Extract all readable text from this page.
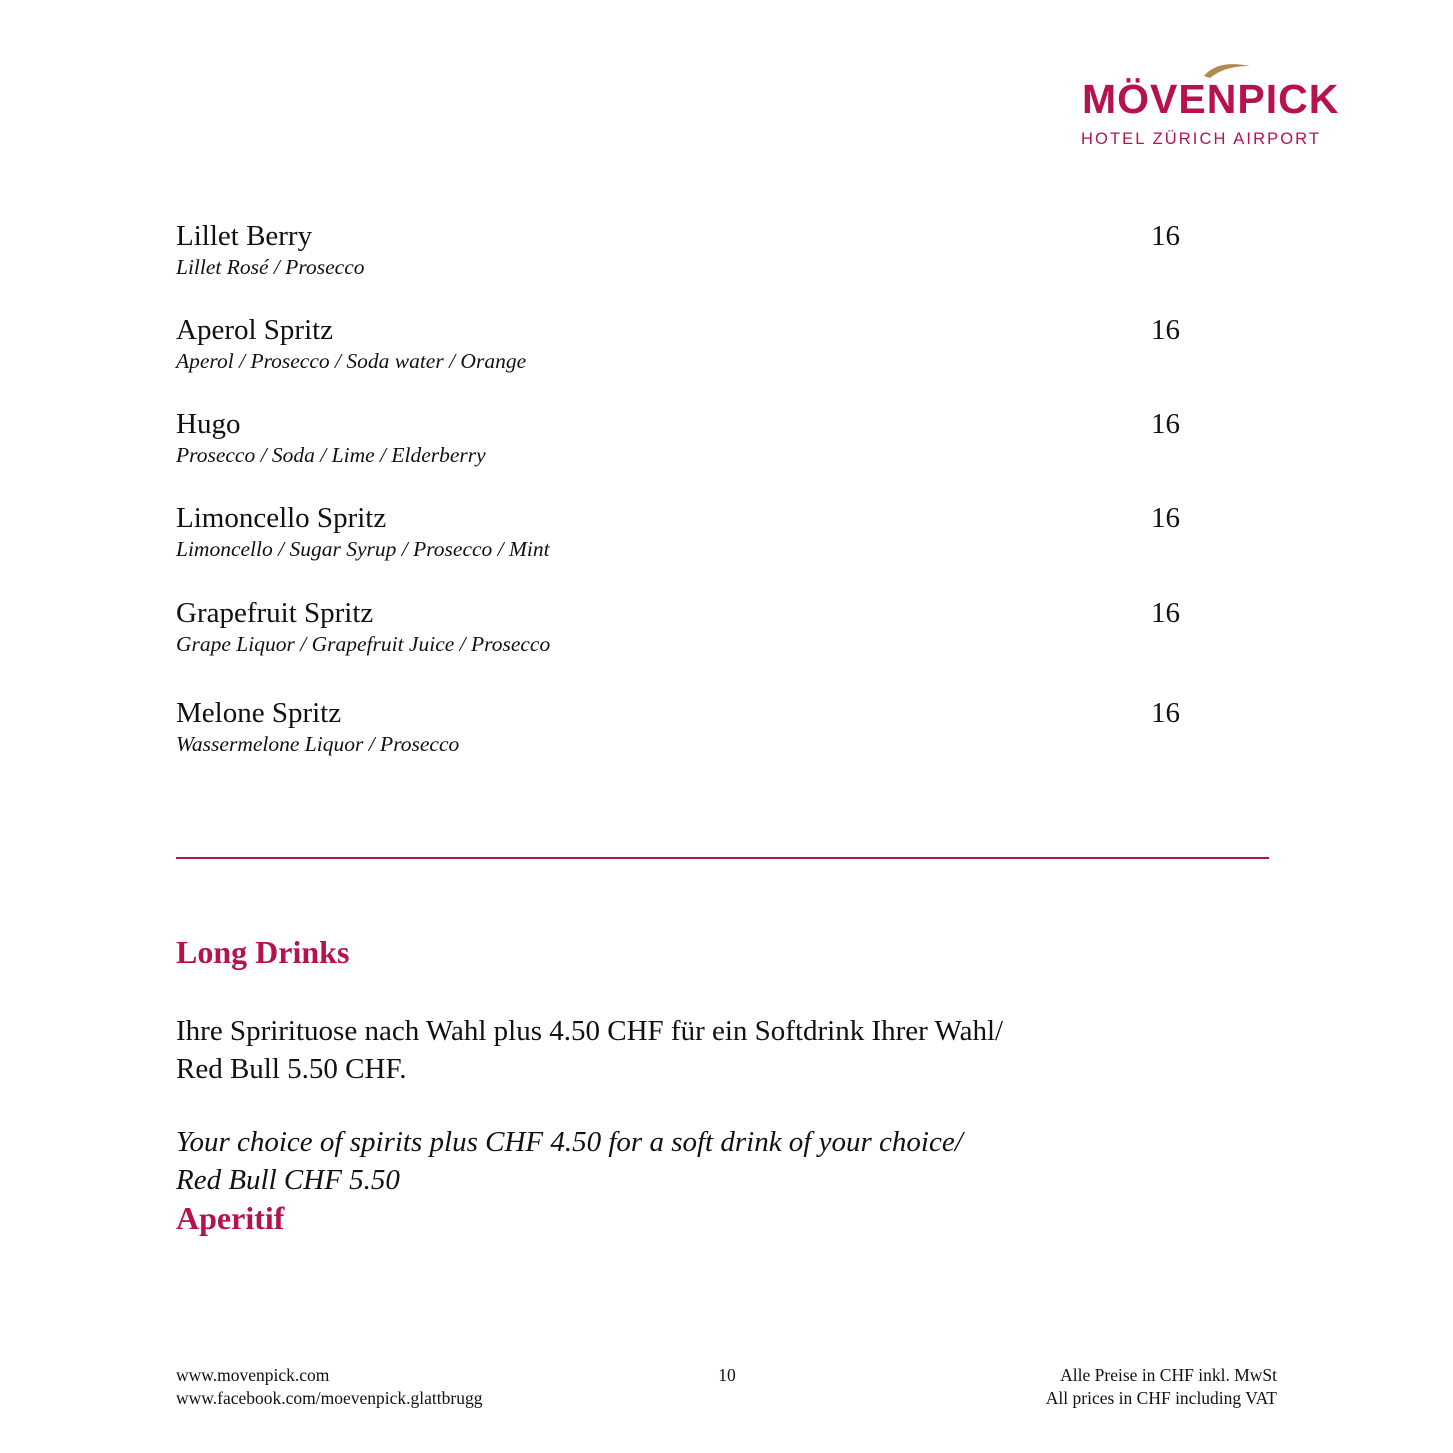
MÖVENPICK
HOTEL ZÜRICH AIRPORT
Lillet Berry
Lillet Rosé / Prosecco
16
Aperol Spritz
Aperol / Prosecco / Soda water / Orange
16
Hugo
Prosecco / Soda / Lime / Elderberry
16
Limoncello Spritz
Limoncello / Sugar Syrup / Prosecco / Mint
16
Grapefruit Spritz
Grape Liquor / Grapefruit Juice / Prosecco
16
Melone Spritz
Wassermelone Liquor / Prosecco
16
Long Drinks
Ihre Sprirituose nach Wahl plus 4.50 CHF für ein Softdrink Ihrer Wahl/
Red Bull 5.50 CHF.
Your choice of spirits plus CHF 4.50 for a soft drink of your choice/
Red Bull CHF 5.50
Aperitif
www.movenpick.com
www.facebook.com/moevenpick.glattbrugg
10	Alle Preise in CHF inkl. MwSt
All prices in CHF including VAT
